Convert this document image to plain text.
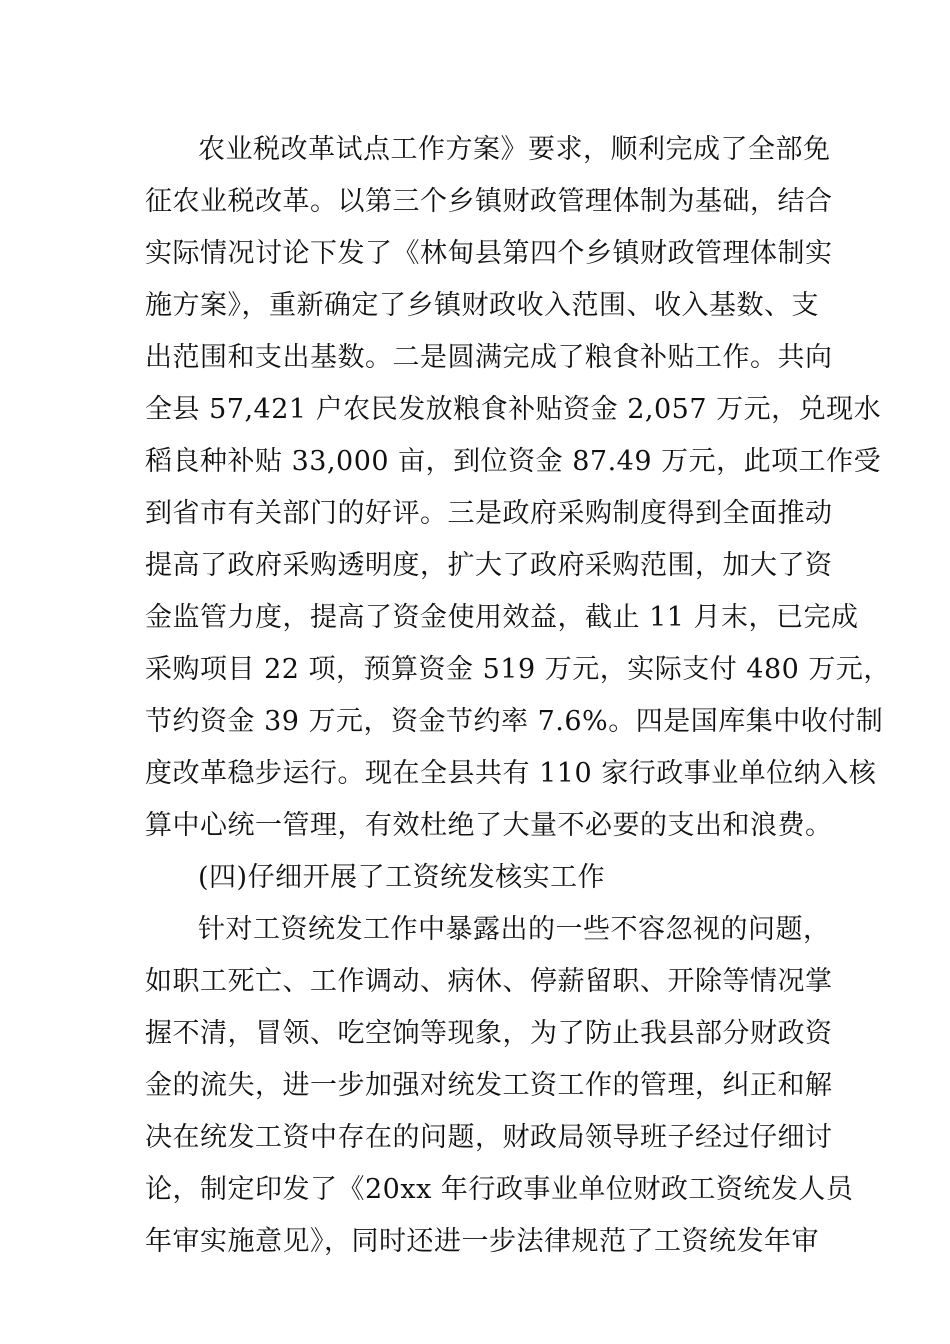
农业税改革试点工作方案》要求，顺利完成了全部免
征农业税改革。以第三个乡镇财政管理体制为基础，结合
实际情况讨论下发了《林甸县第四个乡镇财政管理体制实
施方案》，重新确定了乡镇财政收入范围、收入基数、支
出范围和支出基数。二是圆满完成了粮食补贴工作。共向
全县 57,421 户农民发放粮食补贴资金 2,057 万元，兑现水
稻良种补贴 33,000 亩，到位资金 87.49 万元，此项工作受
到省市有关部门的好评。三是政府采购制度得到全面推动
提高了政府采购透明度，扩大了政府采购范围，加大了资
金监管力度，提高了资金使用效益，截止 11 月末，已完成
采购项目 22 项，预算资金 519 万元，实际支付 480 万元，
节约资金 39 万元，资金节约率 7.6%。四是国库集中收付制
度改革稳步运行。现在全县共有 110 家行政事业单位纳入核
算中心统一管理，有效杜绝了大量不必要的支出和浪费。
(四)仔细开展了工资统发核实工作
针对工资统发工作中暴露出的一些不容忽视的问题，
如职工死亡、工作调动、病休、停薪留职、开除等情况掌
握不清，冒领、吃空饷等现象，为了防止我县部分财政资
金的流失，进一步加强对统发工资工作的管理，纠正和解
决在统发工资中存在的问题，财政局领导班子经过仔细讨
论，制定印发了《20xx 年行政事业单位财政工资统发人员
年审实施意见》，同时还进一步法律规范了工资统发年审
